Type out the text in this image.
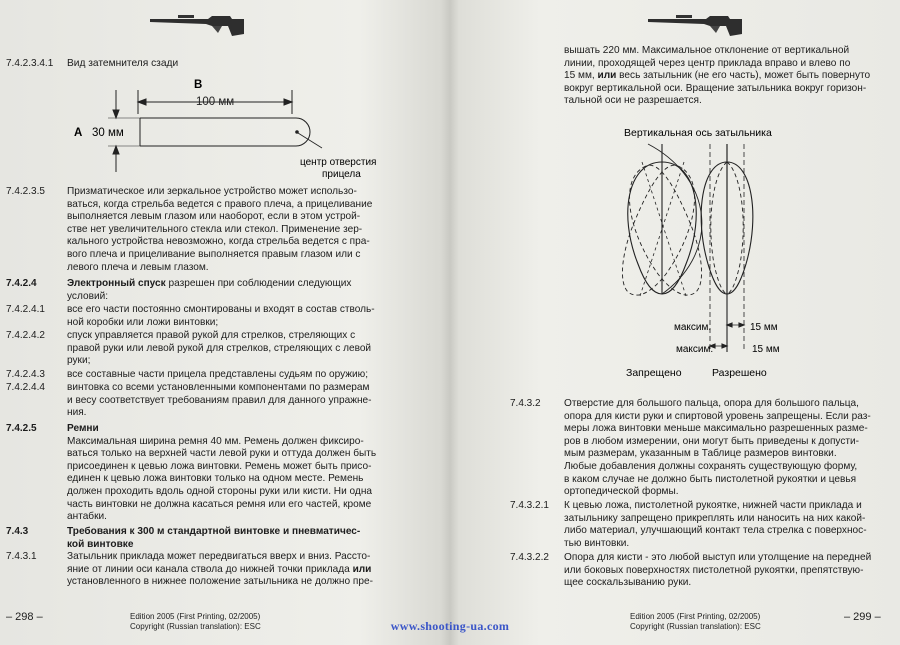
7.4.2.3.4.1 Вид затемнителя сзади
B
100 мм
A 30 мм
центр отверстия
прицела
7.4.2.3.5 Призматическое или зеркальное устройство может использо-
ваться, когда стрельба ведется с правого плеча, а прицеливание
выполняется левым глазом или наоборот, если в этом устрой-
стве нет увеличительного стекла или стекол. Применение зер-
кального устройства невозможно, когда стрельба ведется с пра-
вого плеча и прицеливание выполняется правым глазом или с
левого плеча и левым глазом.
7.4.2.4	Электронный спуск разрешен при соблюдении следующих
условий:
7.4.2.4.1 все его части постоянно смонтированы и входят в состав стволь-
ной коробки или ложи винтовки;
7.4.2.4.2 спуск управляется правой рукой для стрелков, стреляющих с
правой руки или левой рукой для стрелков, стреляющих с левой
руки;
7.4.2.4.3 все составные части прицела представлены судьям по оружию;
7.4.2.4.4 винтовка со всеми установленными компонентами по размерам
и весу соответствует требованиям правил для данного упражне-
ния.
7.4.2.5	Ремни
Максимальная ширина ремня 40 мм. Ремень должен фиксиро-
ваться только на верхней части левой руки и оттуда должен быть
присоединен к цевью ложа винтовки. Ремень может быть присо-
единен к цевью ложа винтовки только на одном месте. Ремень
должен проходить вдоль одной стороны руки или кисти. Ни одна
часть винтовки не должна касаться ремня или его частей, кроме
антабки.
7.4.3	Требования к 300 м стандартной винтовке и пневматичес-
кой винтовке
7.4.3.1	Затыльник приклада может передвигаться вверх и вниз. Рассто-
яние от линии оси канала ствола до нижней точки приклада или
установленного в нижнее положение затыльника не должно пре-
– 298 –	Edition 2005 (First Printing, 02/2005)
Copyright (Russian translation): ESC
вышать 220 мм. Максимальное отклонение от вертикальной
линии, проходящей через центр приклада вправо и влево по
15 мм, или весь затыльник (не его часть), может быть повернуто
вокруг вертикальной оси. Вращение затыльника вокруг горизон-
тальной оси не разрешается.
Вертикальная ось затыльника
максим.	15 мм
максим.	15 мм
Запрещено	Разрешено
7.4.3.2 Отверстие для большого пальца, опора для большого пальца,
опора для кисти руки и спиртовой уровень запрещены. Если раз-
меры ложа винтовки меньше максимально разрешенных разме-
ров в любом измерении, они могут быть приведены к допусти-
мым размерам, указанным в Таблице размеров винтовки.
Любые добавления должны сохранять существующую форму,
в каком случае не должно быть пистолетной рукоятки и цевья
ортопедической формы.
7.4.3.2.1 К цевью ложа, пистолетной рукоятке, нижней части приклада и
затыльнику запрещено прикреплять или наносить на них какой-
либо материал, улучшающий контакт тела стрелка с поверхнос-
тью винтовки.
7.4.3.2.2 Опора для кисти - это любой выступ или утолщение на передней
или боковых поверхностях пистолетной рукоятки, препятствую-
щее соскальзыванию руки.
Edition 2005 (First Printing, 02/2005)
Copyright (Russian translation): ESC
– 299 –
www.shooting-ua.com
